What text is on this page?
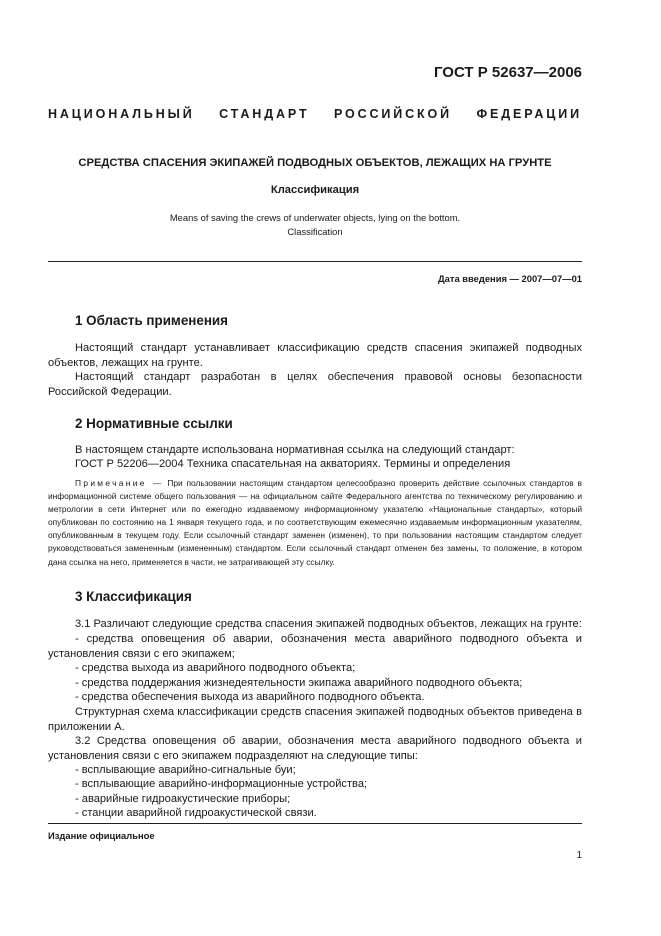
ГОСТ Р 52637—2006
НАЦИОНАЛЬНЫЙ СТАНДАРТ РОССИЙСКОЙ ФЕДЕРАЦИИ
СРЕДСТВА СПАСЕНИЯ ЭКИПАЖЕЙ ПОДВОДНЫХ ОБЪЕКТОВ, ЛЕЖАЩИХ НА ГРУНТЕ
Классификация
Means of saving the crews of underwater objects, lying on the bottom.
Classification
Дата введения — 2007—07—01
1 Область применения
Настоящий стандарт устанавливает классификацию средств спасения экипажей подводных объектов, лежащих на грунте.
Настоящий стандарт разработан в целях обеспечения правовой основы безопасности Российской Федерации.
2 Нормативные ссылки
В настоящем стандарте использована нормативная ссылка на следующий стандарт:
ГОСТ Р 52206—2004 Техника спасательная на акваториях. Термины и определения
Примечание — При пользовании настоящим стандартом целесообразно проверить действие ссылочных стандартов в информационной системе общего пользования — на официальном сайте Федерального агентства по техническому регулированию и метрологии в сети Интернет или по ежегодно издаваемому информационному указателю «Национальные стандарты», который опубликован по состоянию на 1 января текущего года, и по соответствующим ежемесячно издаваемым информационным указателям, опубликованным в текущем году. Если ссылочный стандарт заменен (изменен), то при пользовании настоящим стандартом следует руководствоваться замененным (измененным) стандартом. Если ссылочный стандарт отменен без замены, то положение, в котором дана ссылка на него, применяется в части, не затрагивающей эту ссылку.
3 Классификация
3.1 Различают следующие средства спасения экипажей подводных объектов, лежащих на грунте:
- средства оповещения об аварии, обозначения места аварийного подводного объекта и установления связи с его экипажем;
- средства выхода из аварийного подводного объекта;
- средства поддержания жизнедеятельности экипажа аварийного подводного объекта;
- средства обеспечения выхода из аварийного подводного объекта.
Структурная схема классификации средств спасения экипажей подводных объектов приведена в приложении А.
3.2 Средства оповещения об аварии, обозначения места аварийного подводного объекта и установления связи с его экипажем подразделяют на следующие типы:
- всплывающие аварийно-сигнальные буи;
- всплывающие аварийно-информационные устройства;
- аварийные гидроакустические приборы;
- станции аварийной гидроакустической связи.
Издание официальное
1
